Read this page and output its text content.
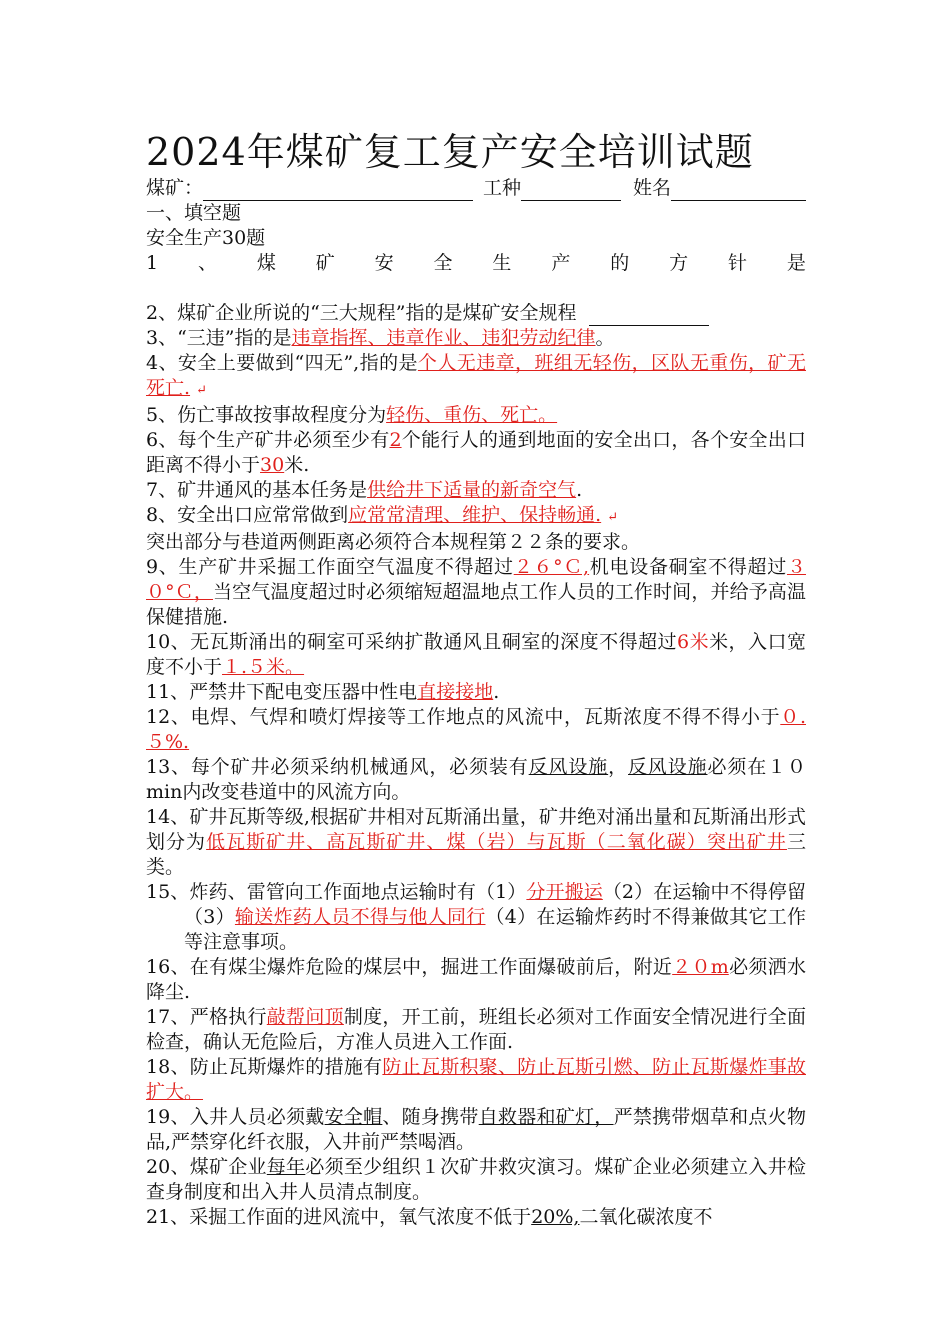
2024年煤矿复工复产安全培训试题
煤矿：	工种	姓名
一、填空题
安全生产30题
1 、 煤 矿 安 全 生 产 的 方 针 是
2、煤矿企业所说的“三大规程”指的是煤矿安全规程
3、“三违”指的是违章指挥、违章作业、违犯劳动纪律。
4、安全上要做到“四无”,指的是个人无违章，班组无轻伤，区队无重伤，矿无死亡. ↵
5、伤亡事故按事故程度分为轻伤、重伤、死亡。
6、每个生产矿井必须至少有2个能行人的通到地面的安全出口，各个安全出口距离不得小于30米.
7、矿井通风的基本任务是供给井下适量的新奇空气.
8、安全出口应常常做到应常常清理、维护、保持畅通. ↵
突出部分与巷道两侧距离必须符合本规程第２２条的要求。
9、生产矿井采掘工作面空气温度不得超过２６°Ｃ,机电设备硐室不得超过３０°Ｃ，当空气温度超过时必须缩短超温地点工作人员的工作时间，并给予高温保健措施.
10、无瓦斯涌出的硐室可采纳扩散通风且硐室的深度不得超过6米米，入口宽度不小于１.５米。
11、严禁井下配电变压器中性电直接接地.
12、电焊、气焊和喷灯焊接等工作地点的风流中，瓦斯浓度不得不得小于０.５%.
13、每个矿井必须采纳机械通风，必须装有反风设施，反风设施必须在１０min内改变巷道中的风流方向。
14、矿井瓦斯等级,根据矿井相对瓦斯涌出量，矿井绝对涌出量和瓦斯涌出形式划分为低瓦斯矿井、高瓦斯矿井、煤（岩）与瓦斯（二氧化碳）突出矿井三类。
15、炸药、雷管向工作面地点运输时有（1）分开搬运（2）在运输中不得停留（3）输送炸药人员不得与他人同行（4）在运输炸药时不得兼做其它工作等注意事项。
16、在有煤尘爆炸危险的煤层中，掘进工作面爆破前后，附近２０m必须洒水降尘.
17、严格执行敲帮问顶制度，开工前，班组长必须对工作面安全情况进行全面检查，确认无危险后，方准人员进入工作面.
18、防止瓦斯爆炸的措施有防止瓦斯积聚、防止瓦斯引燃、防止瓦斯爆炸事故扩大。
19、入井人员必须戴安全帽、随身携带自救器和矿灯，严禁携带烟草和点火物品,严禁穿化纤衣服，入井前严禁喝酒。
20、煤矿企业每年必须至少组织１次矿井救灾演习。煤矿企业必须建立入井检查身制度和出入井人员清点制度。
21、采掘工作面的进风流中，氧气浓度不低于20%,二氧化碳浓度不
